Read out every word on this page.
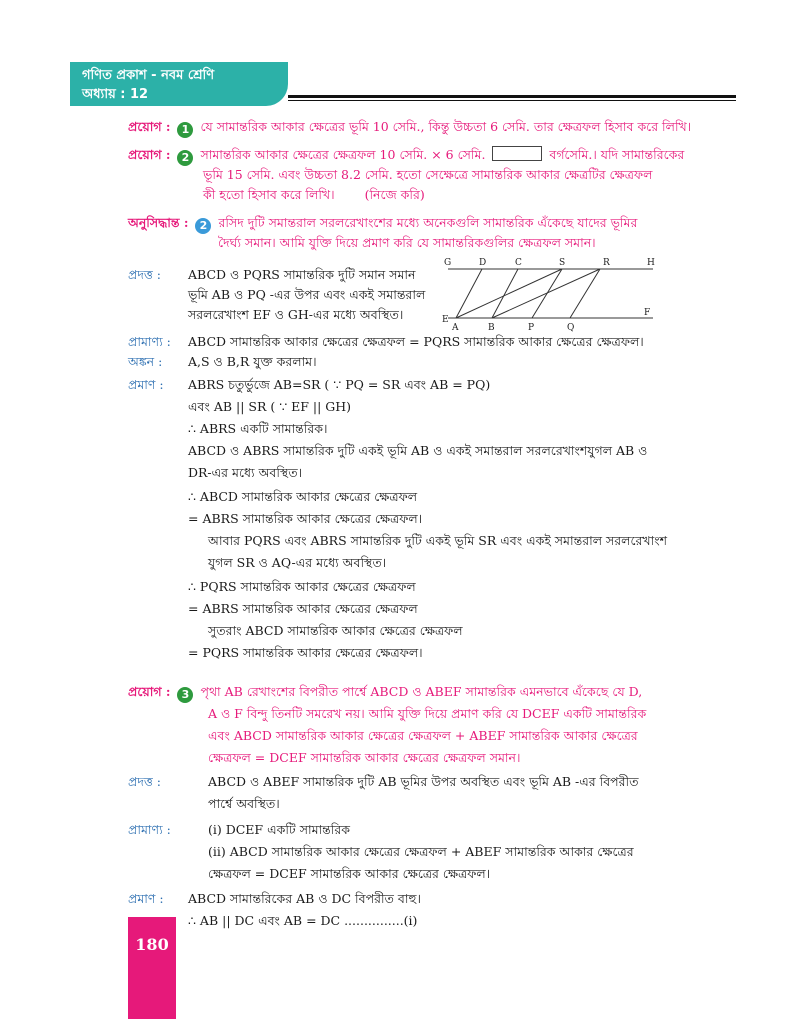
গণিত প্রকাশ - নবম শ্রেণি
অধ্যায় : 12
প্রয়োগ : 1 যে সামান্তরিক আকার ক্ষেত্রের ভূমি 10 সেমি., কিন্তু উচ্চতা 6 সেমি. তার ক্ষেত্রফল হিসাব করে লিখি।
প্রয়োগ : 2 সামান্তরিক আকার ক্ষেত্রের ক্ষেত্রফল 10 সেমি. × 6 সেমি.	বর্গসেমি.। যদি সামান্তরিকের
ভূমি 15 সেমি. এবং উচ্চতা 8.2 সেমি. হতো সেক্ষেত্রে সামান্তরিক আকার ক্ষেত্রটির ক্ষেত্রফল
কী হতো হিসাব করে লিখি। (নিজে করি)
অনুসিদ্ধান্ত : 2 রসিদ দুটি সমান্তরাল সরলরেখাংশের মধ্যে অনেকগুলি সামান্তরিক এঁকেছে যাদের ভূমির
দৈর্ঘ্য সমান। আমি যুক্তি দিয়ে প্রমাণ করি যে সামান্তরিকগুলির ক্ষেত্রফল সমান।
প্রদত্ত : ABCD ও PQRS সামান্তরিক দুটি সমান সমান
ভূমি AB ও PQ -এর উপর এবং একই সমান্তরাল
সরলরেখাংশ EF ও GH-এর মধ্যে অবস্থিত।
G	D	C	S	R	H
E
A	B	P	Q
F
প্রামাণ্য : ABCD সামান্তরিক আকার ক্ষেত্রের ক্ষেত্রফল = PQRS সামান্তরিক আকার ক্ষেত্রের ক্ষেত্রফল।
অঙ্কন : A,S ও B,R যুক্ত করলাম।
প্রমাণ : ABRS চতুর্ভুজে AB=SR ( ∵ PQ = SR এবং AB = PQ)
এবং AB || SR ( ∵ EF || GH)
∴ ABRS একটি সামান্তরিক।
ABCD ও ABRS সামান্তরিক দুটি একই ভূমি AB ও একই সমান্তরাল সরলরেখাংশযুগল AB ও
DR-এর মধ্যে অবস্থিত।
∴ ABCD সামান্তরিক আকার ক্ষেত্রের ক্ষেত্রফল
= ABRS সামান্তরিক আকার ক্ষেত্রের ক্ষেত্রফল।
আবার PQRS এবং ABRS সামান্তরিক দুটি একই ভূমি SR এবং একই সমান্তরাল সরলরেখাংশ
যুগল SR ও AQ-এর মধ্যে অবস্থিত।
∴ PQRS সামান্তরিক আকার ক্ষেত্রের ক্ষেত্রফল
= ABRS সামান্তরিক আকার ক্ষেত্রের ক্ষেত্রফল
সুতরাং ABCD সামান্তরিক আকার ক্ষেত্রের ক্ষেত্রফল
= PQRS সামান্তরিক আকার ক্ষেত্রের ক্ষেত্রফল।
প্রয়োগ : 3 পৃথা AB রেখাংশের বিপরীত পার্শ্বে ABCD ও ABEF সামান্তরিক এমনভাবে এঁকেছে যে D,
A ও F বিন্দু তিনটি সমরেখ নয়। আমি যুক্তি দিয়ে প্রমাণ করি যে DCEF একটি সামান্তরিক
এবং ABCD সামান্তরিক আকার ক্ষেত্রের ক্ষেত্রফল + ABEF সামান্তরিক আকার ক্ষেত্রের
ক্ষেত্রফল = DCEF সামান্তরিক আকার ক্ষেত্রের ক্ষেত্রফল সমান।
প্রদত্ত :	ABCD ও ABEF সামান্তরিক দুটি AB ভূমির উপর অবস্থিত এবং ভূমি AB -এর বিপরীত
পার্শ্বে অবস্থিত।
প্রামাণ্য :	(i) DCEF একটি সামান্তরিক
(ii) ABCD সামান্তরিক আকার ক্ষেত্রের ক্ষেত্রফল + ABEF সামান্তরিক আকার ক্ষেত্রের
ক্ষেত্রফল = DCEF সামান্তরিক আকার ক্ষেত্রের ক্ষেত্রফল।
প্রমাণ : ABCD সামান্তরিকের AB ও DC বিপরীত বাহু।
∴ AB || DC এবং AB = DC ...............(i)
180
